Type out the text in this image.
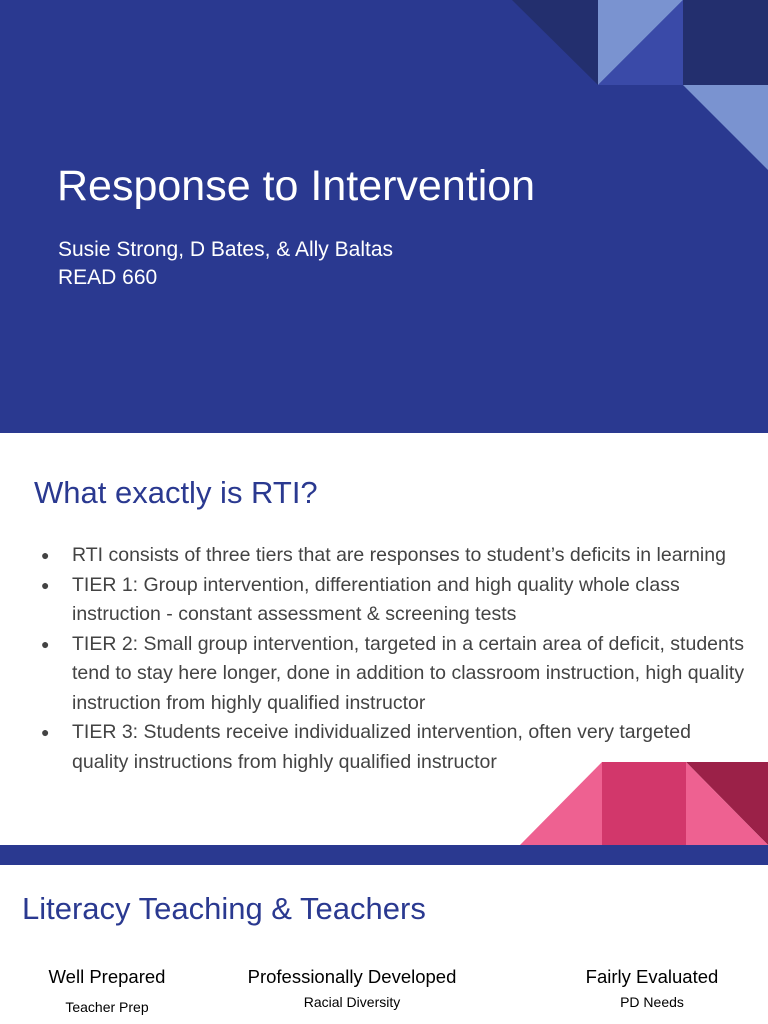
Response to Intervention
Susie Strong, D Bates, & Ally Baltas
READ 660
What exactly is RTI?
● RTI consists of three tiers that are responses to student’s deficits in learning
● TIER 1: Group intervention, differentiation and high quality whole class instruction - constant assessment & screening tests
● TIER 2: Small group intervention, targeted in a certain area of deficit, students tend to stay here longer, done in addition to classroom instruction, high quality instruction from highly qualified instructor
● TIER 3: Students receive individualized intervention, often very targeted quality instructions from highly qualified instructor
Literacy Teaching & Teachers
Well Prepared
Teacher Prep
Professionally Developed
Racial Diversity
Fairly Evaluated
PD Needs
